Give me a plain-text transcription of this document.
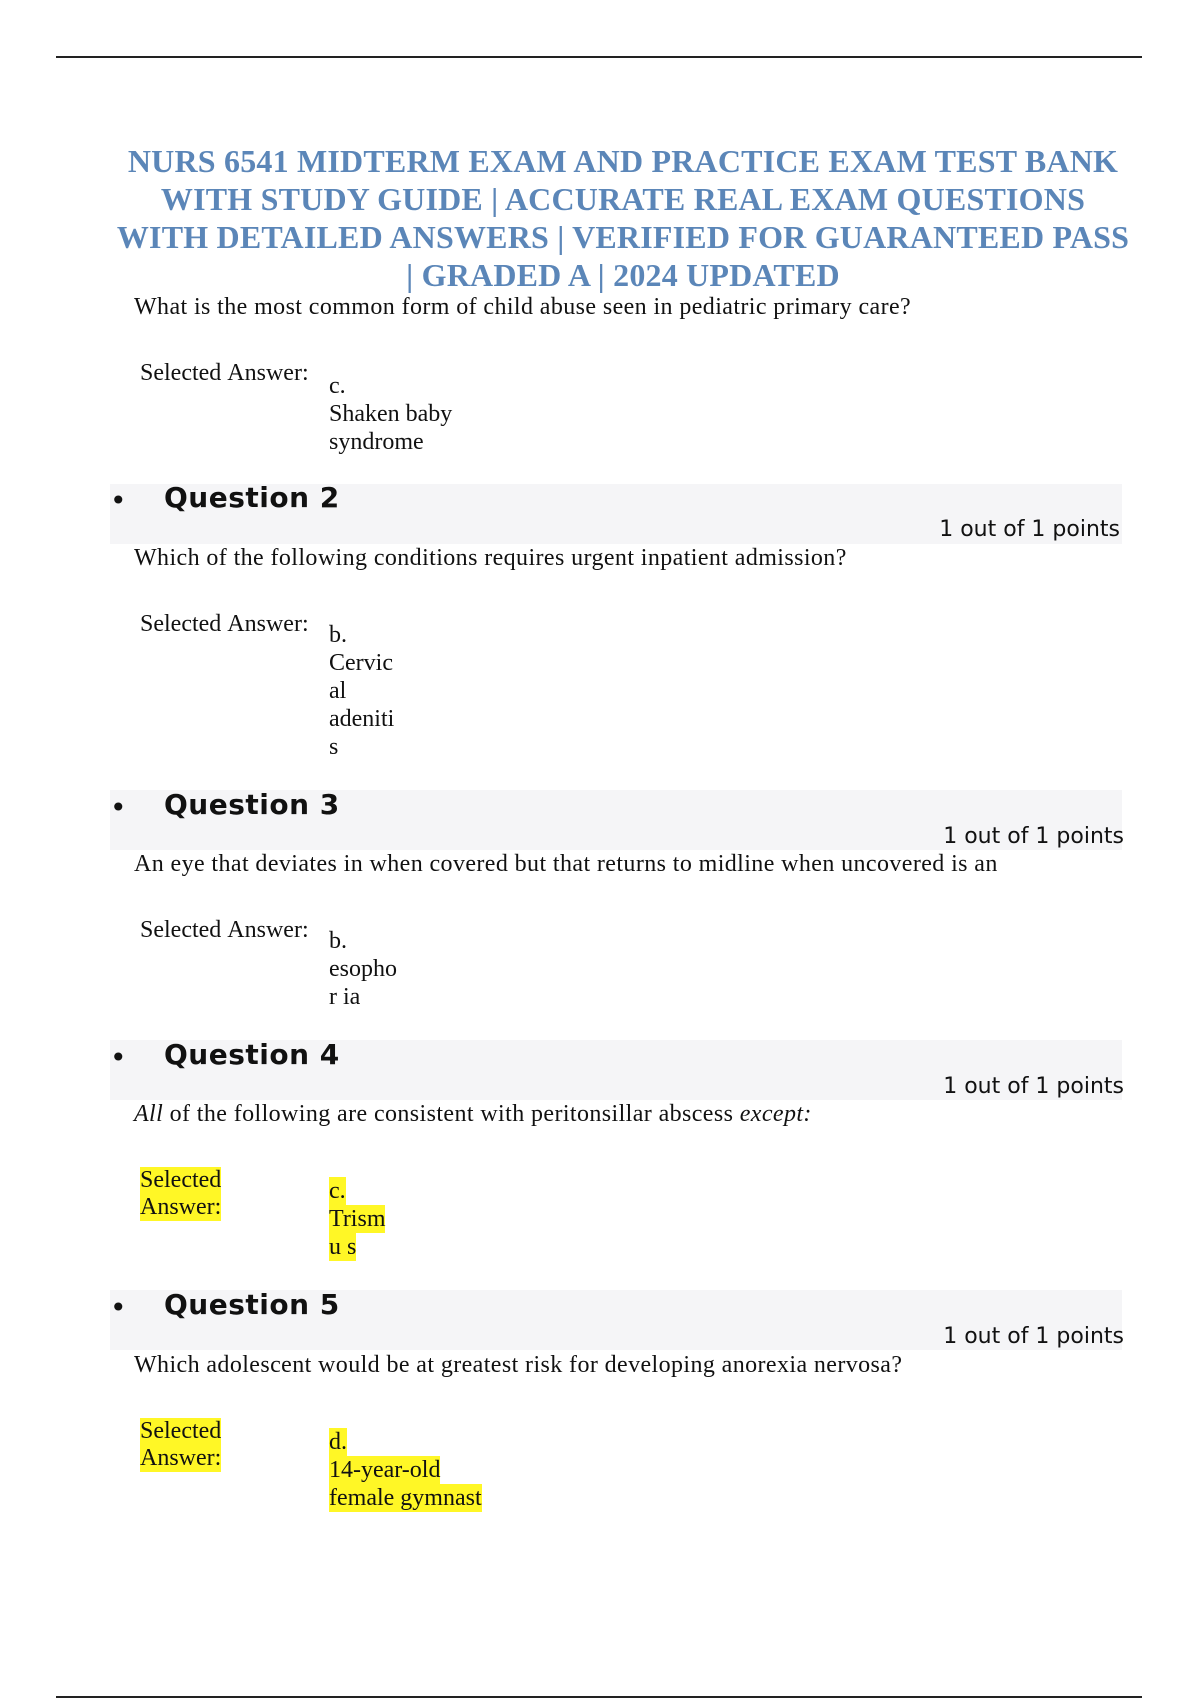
NURS 6541 MIDTERM EXAM AND PRACTICE EXAM TEST BANK
WITH STUDY GUIDE | ACCURATE REAL EXAM QUESTIONS
WITH DETAILED ANSWERS | VERIFIED FOR GUARANTEED PASS
| GRADED A | 2024 UPDATED
What is the most common form of child abuse seen in pediatric primary care?
Selected Answer: c.
Shaken baby
syndrome
• Question 2
1 out of 1 points
Which of the following conditions requires urgent inpatient admission?
Selected Answer: b.
Cervic
al
adeniti
s
• Question 3
1 out of 1 points
An eye that deviates in when covered but that returns to midline when uncovered is an
Selected Answer: b.
esopho
r ia
• Question 4
1 out of 1 points
All of the following are consistent with peritonsillar abscess except:
Selected
Answer:
c.
Trism
u s
• Question 5
1 out of 1 points
Which adolescent would be at greatest risk for developing anorexia nervosa?
Selected
Answer:
d.
14-year-old
female gymnast
